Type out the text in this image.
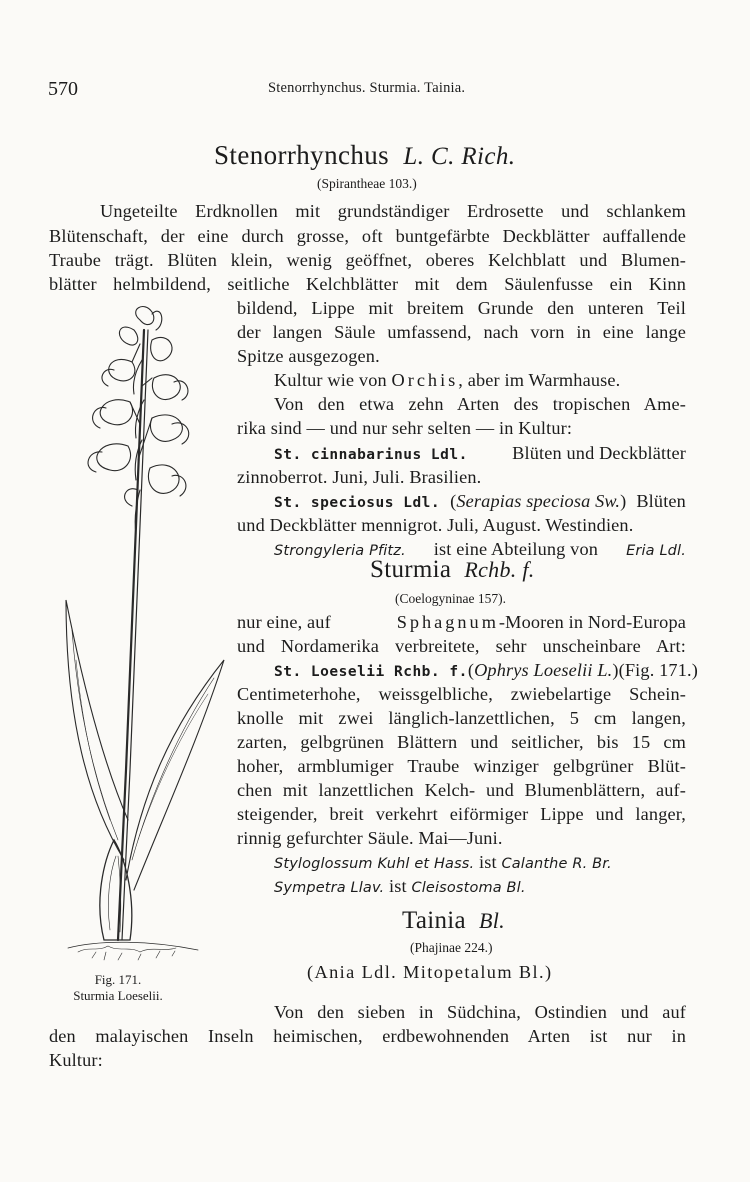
570	Stenorrhynchus. Sturmia. Tainia.
Stenorrhynchus L. C. Rich.
(Spirantheae 103.)
Ungeteilte Erdknollen mit grundständiger Erdrosette und schlankem
Blütenschaft, der eine durch grosse, oft buntgefärbte Deckblätter auffallende
Traube trägt. Blüten klein, wenig geöffnet, oberes Kelchblatt und Blumen-
blätter helmbildend, seitliche Kelchblätter mit dem Säulenfusse ein Kinn
bildend, Lippe mit breitem Grunde den unteren Teil
der langen Säule umfassend, nach vorn in eine lange
Spitze ausgezogen.
Kultur wie von Orchis, aber im Warmhause.
Von den etwa zehn Arten des tropischen Ame-
rika sind — und nur sehr selten — in Kultur:
St. cinnabarinus Ldl. Blüten und Deckblätter
zinnoberrot. Juni, Juli. Brasilien.
St. speciosus Ldl. (Serapias speciosa Sw.) Blüten
und Deckblätter mennigrot. Juli, August. Westindien.
Strongyleria Pfitz. ist eine Abteilung von Eria Ldl.
Sturmia Rchb. f.
(Coelogyninae 157).
nur eine, auf	Sphagnum-Mooren in Nord-Europa
und Nordamerika verbreitete, sehr unscheinbare Art:
St. Loeselii Rchb. f. (Ophrys Loeselii L.) (Fig. 171.)
Centimeterhohe, weissgelbliche, zwiebelartige Schein-
knolle mit zwei länglich-lanzettlichen, 5 cm langen,
zarten, gelbgrünen Blättern und seitlicher, bis 15 cm
hoher, armblumiger Traube winziger gelbgrüner Blüt-
chen mit lanzettlichen Kelch- und Blumenblättern, auf-
steigender, breit verkehrt eiförmiger Lippe und langer,
rinnig gefurchter Säule. Mai—Juni.
Styloglossum Kuhl et Hass. ist Calanthe R. Br.
Sympetra Llav. ist Cleisostoma Bl.
Tainia Bl.
(Phajinae 224.)
(Ania Ldl. Mitopetalum Bl.)
Von den sieben in Südchina, Ostindien und auf
den malayischen Inseln heimischen, erdbewohnenden Arten ist nur in
Kultur:
Fig. 171.
Sturmia Loeselii.
